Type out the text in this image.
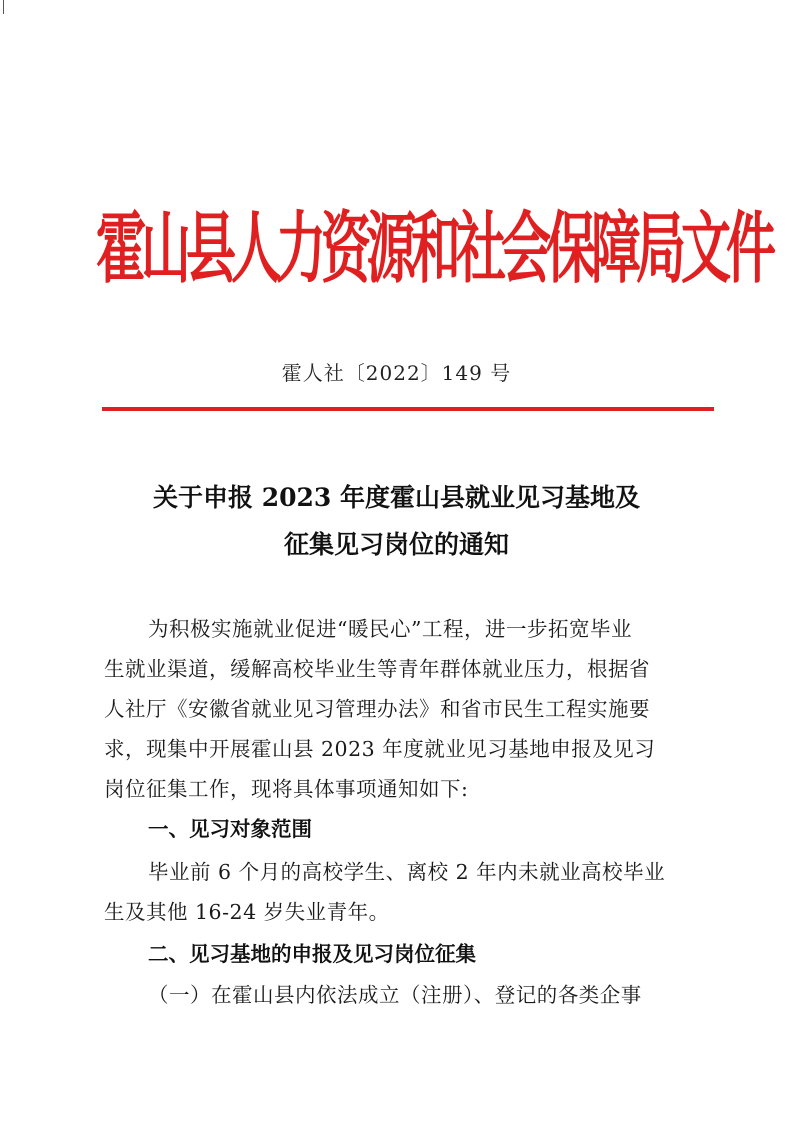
霍山县人力资源和社会保障局文件
霍人社〔2022〕149 号
关于申报 2023 年度霍山县就业见习基地及
征集见习岗位的通知
为积极实施就业促进“暖民心”工程，进一步拓宽毕业
生就业渠道，缓解高校毕业生等青年群体就业压力，根据省
人社厅《安徽省就业见习管理办法》和省市民生工程实施要
求，现集中开展霍山县 2023 年度就业见习基地申报及见习
岗位征集工作，现将具体事项通知如下:
一、见习对象范围
毕业前 6 个月的高校学生、离校 2 年内未就业高校毕业
生及其他 16-24 岁失业青年。
二、见习基地的申报及见习岗位征集
（一）在霍山县内依法成立（注册）、登记的各类企事
